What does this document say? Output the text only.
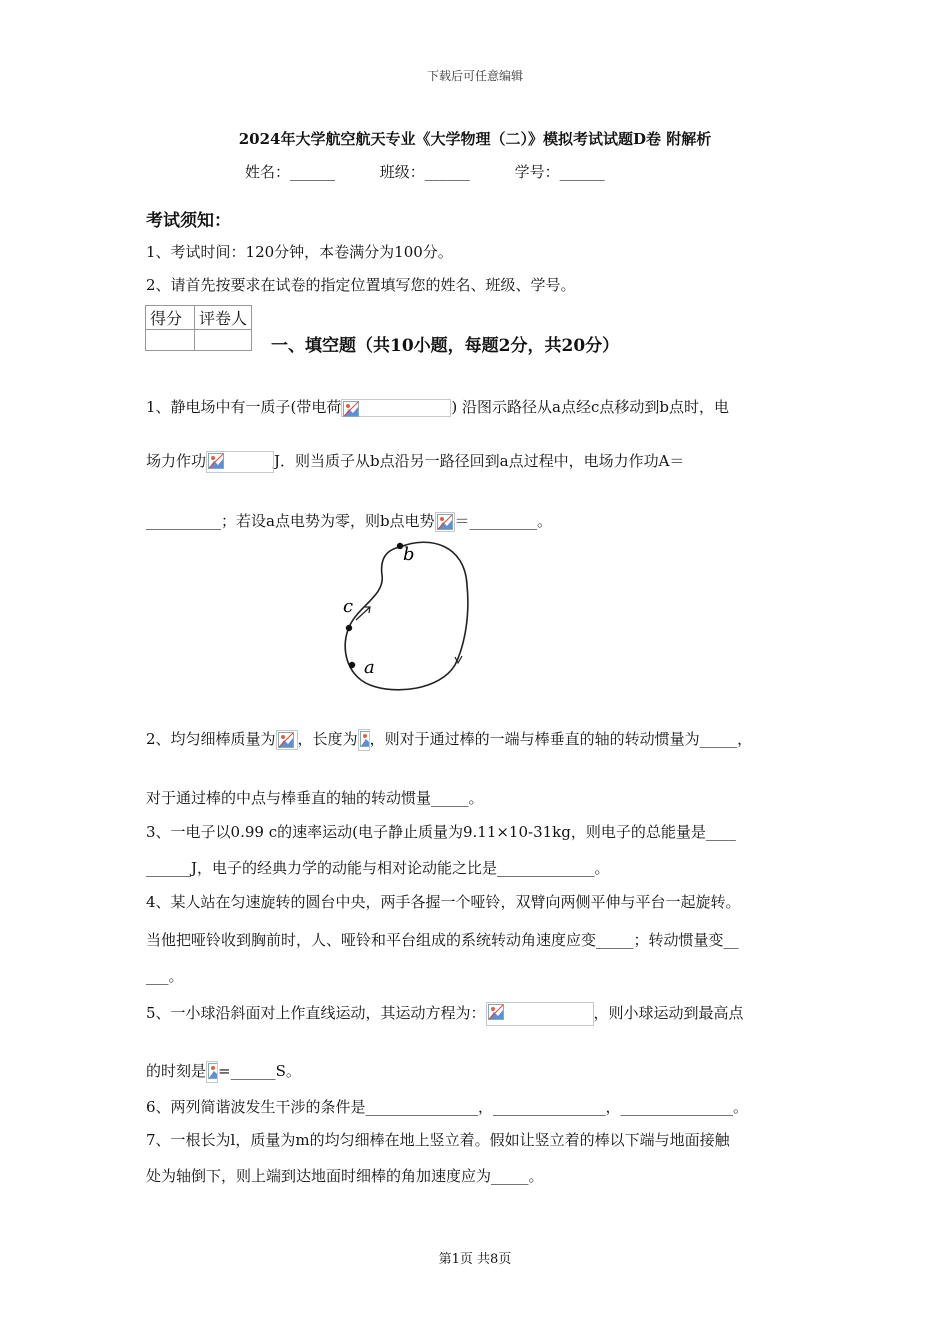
下载后可任意编辑
2024年大学航空航天专业《大学物理（二）》模拟考试试题D卷 附解析
姓名：______	班级：______	学号：______
考试须知：
1、考试时间：120分钟，本卷满分为100分。
2、请首先按要求在试卷的指定位置填写您的姓名、班级、学号。
得分	评卷人

一、填空题（共10小题，每题2分，共20分）
1、静电场中有一质子(带电荷	) 沿图示路径从a点经c点移动到b点时，电
场力作功	J．则当质子从b点沿另一路径回到a点过程中，电场力作功A＝
__________；若设a点电势为零，则b点电势 ＝_________。
b
c
a
2、均匀细棒质量为 ，长度为 ，则对于通过棒的一端与棒垂直的轴的转动惯量为_____，
对于通过棒的中点与棒垂直的轴的转动惯量_____。
3、一电子以0.99 c的速率运动(电子静止质量为9.11×10-31kg，则电子的总能量是____
______J，电子的经典力学的动能与相对论动能之比是_____________。
4、某人站在匀速旋转的圆台中央，两手各握一个哑铃，双臂向两侧平伸与平台一起旋转。
当他把哑铃收到胸前时，人、哑铃和平台组成的系统转动角速度应变_____；转动惯量变__
___。
5、一小球沿斜面对上作直线运动，其运动方程为：	，则小球运动到最高点
的时刻是 =______S。
6、两列简谐波发生干涉的条件是_______________，_______________，_______________。
7、一根长为l，质量为m的均匀细棒在地上竖立着。假如让竖立着的棒以下端与地面接触
处为轴倒下，则上端到达地面时细棒的角加速度应为_____。
第1页 共8页
